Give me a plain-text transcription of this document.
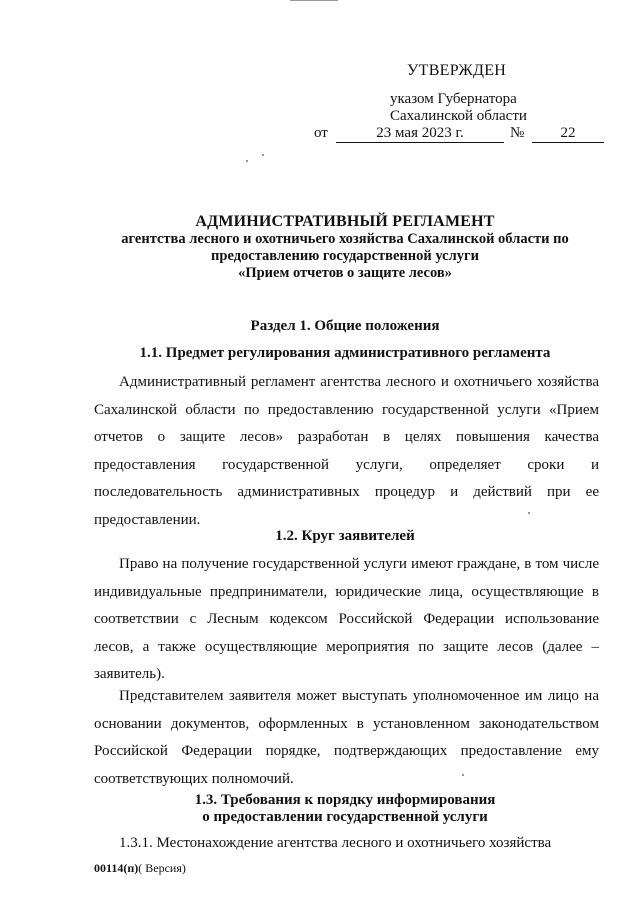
УТВЕРЖДЕН
указом Губернатора
Сахалинской области
от	23 мая 2023 г.	№	22
АДМИНИСТРАТИВНЫЙ РЕГЛАМЕНТ
агентства лесного и охотничьего хозяйства Сахалинской области по
предоставлению государственной услуги
«Прием отчетов о защите лесов»
Раздел 1. Общие положения
1.1. Предмет регулирования административного регламента
Административный регламент агентства лесного и охотничьего хозяйства Сахалинской области по предоставлению государственной услуги «Прием отчетов о защите лесов» разработан в целях повышения качества предоставления государственной услуги, определяет сроки и последовательность административных процедур и действий при ее предоставлении.
1.2. Круг заявителей
Право на получение государственной услуги имеют граждане, в том числе индивидуальные предприниматели, юридические лица, осуществляющие в соответствии с Лесным кодексом Российской Федерации использование лесов, а также осуществляющие мероприятия по защите лесов (далее – заявитель).
Представителем заявителя может выступать уполномоченное им лицо на основании документов, оформленных в установленном законодательством Российской Федерации порядке, подтверждающих предоставление ему соответствующих полномочий.
1.3. Требования к порядку информирования
о предоставлении государственной услуги
1.3.1. Местонахождение агентства лесного и охотничьего хозяйства
00114(п)( Версия)
